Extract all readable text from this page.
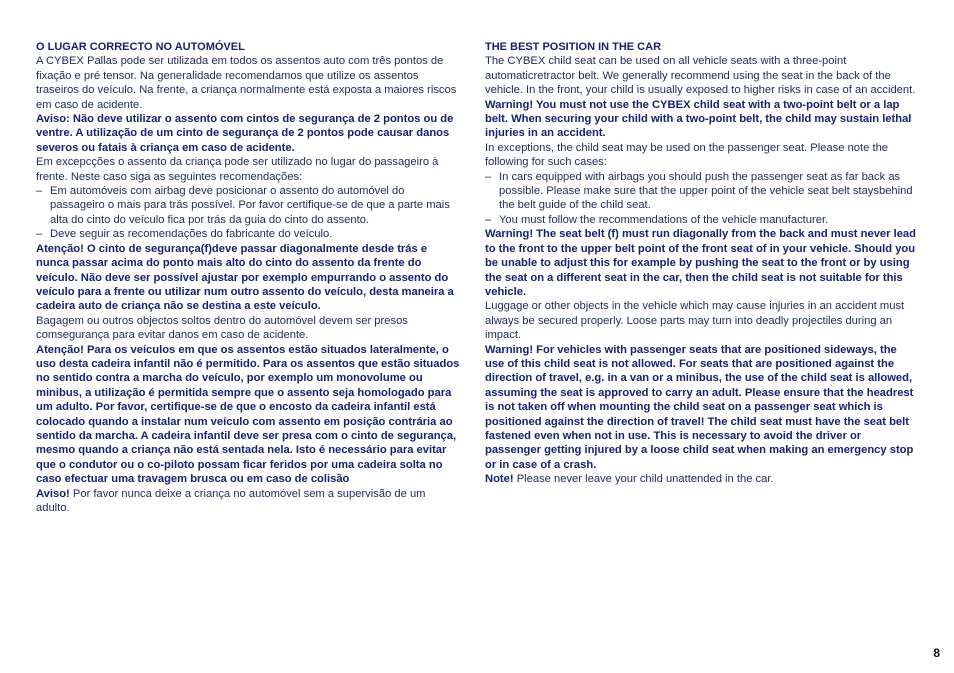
O LUGAR CORRECTO NO AUTOMÓVEL

A CYBEX Pallas pode ser utilizada em todos os assentos auto com três pontos de fixação e pré tensor. Na generalidade recomendamos que utilize os assentos traseiros do veículo. Na frente, a criança normalmente está exposta a maiores riscos em caso de acidente.

Aviso: Não deve utilizar o assento com cintos de segurança de 2 pontos ou de ventre. A utilização de um cinto de segurança de 2 pontos pode causar danos severos ou fatais à criança em caso de acidente.

Em excepcções o assento da criança pode ser utilizado no lugar do passageiro à frente. Neste caso siga as seguintes recomendações:

– Em automóveis com airbag deve posicionar o assento do automóvel do passageiro o mais para trás possível. Por favor certifique-se de que a parte mais alta do cinto do veículo fica por trás da guia do cinto do assento.
– Deve seguir as recomendações do fabricante do veículo.

Atenção! O cinto de segurança(f)deve passar diagonalmente desde trás e nunca passar acima do ponto mais alto do cinto do assento da frente do veículo. Não deve ser possível ajustar por exemplo empurrando o assento do veículo para a frente ou utilizar num outro assento do veículo, desta maneira a cadeira auto de criança não se destina a este veículo.

Bagagem ou outros objectos soltos dentro do automóvel devem ser presos comsegurança para evitar danos em caso de acidente.

Atenção! Para os veículos em que os assentos estão situados lateralmente, o uso desta cadeira infantil não é permitido. Para os assentos que estão situados no sentido contra a marcha do veículo, por exemplo um monovolume ou minibus, a utilização é permitida sempre que o assento seja homologado para um adulto. Por favor, certifique-se de que o encosto da cadeira infantil está colocado quando a instalar num veículo com assento em posição contrária ao sentido da marcha. A cadeira infantil deve ser presa com o cinto de segurança, mesmo quando a criança não está sentada nela. Isto é necessário para evitar que o condutor ou o co-piloto possam ficar feridos por uma cadeira solta no caso efectuar uma travagem brusca ou em caso de colisão

Aviso! Por favor nunca deixe a criança no automóvel sem a supervisão de um adulto.

THE BEST POSITION IN THE CAR

The CYBEX child seat can be used on all vehicle seats with a three-point automaticretractor belt. We generally recommend using the seat in the back of the vehicle. In the front, your child is usually exposed to higher risks in case of an accident.

Warning! You must not use the CYBEX child seat with a two-point belt or a lap belt. When securing your child with a two-point belt, the child may sustain lethal injuries in an accident.

In exceptions, the child seat may be used on the passenger seat. Please note the following for such cases:

– In cars equipped with airbags you should push the passenger seat as far back as possible. Please make sure that the upper point of the vehicle seat belt staysbehind the belt guide of the child seat.
– You must follow the recommendations of the vehicle manufacturer.

Warning! The seat belt (f) must run diagonally from the back and must never lead to the front to the upper belt point of the front seat of in your vehicle. Should you be unable to adjust this for example by pushing the seat to the front or by using the seat on a different seat in the car, then the child seat is not suitable for this vehicle.

Luggage or other objects in the vehicle which may cause injuries in an accident must always be secured properly. Loose parts may turn into deadly projectiles during an impact.

Warning! For vehicles with passenger seats that are positioned sideways, the use of this child seat is not allowed. For seats that are positioned against the direction of travel, e.g. in a van or a minibus, the use of the child seat is allowed, assuming the seat is approved to carry an adult. Please ensure that the headrest is not taken off when mounting the child seat on a passenger seat which is positioned against the direction of travel! The child seat must have the seat belt fastened even when not in use. This is necessary to avoid the driver or passenger getting injured by a loose child seat when making an emergency stop or in case of a crash.

Note! Please never leave your child unattended in the car.

8
